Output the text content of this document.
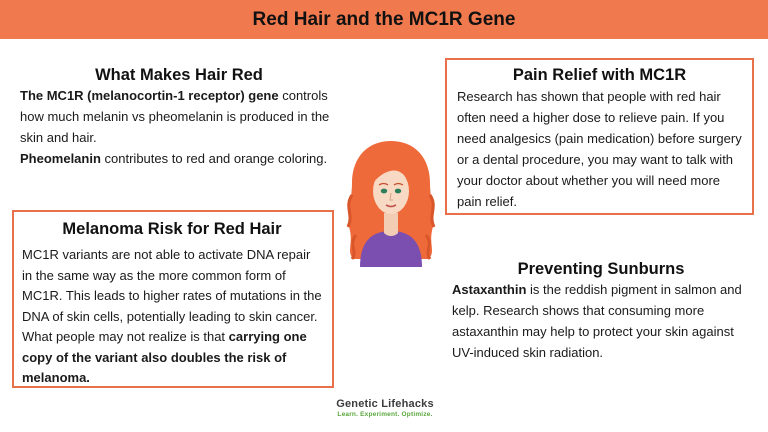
Red Hair and the MC1R Gene
What Makes Hair Red

The MC1R (melanocortin-1 receptor) gene controls how much melanin vs pheomelanin is produced in the skin and hair.

Pheomelanin contributes to red and orange coloring.

Melanoma Risk for Red Hair

MC1R variants are not able to activate DNA repair in the same way as the more common form of MC1R. This leads to higher rates of mutations in the DNA of skin cells, potentially leading to skin cancer. What people may not realize is that carrying one copy of the variant also doubles the risk of melanoma.

Pain Relief with MC1R

Research has shown that people with red hair often need a higher dose to relieve pain. If you need analgesics (pain medication) before surgery or a dental procedure, you may want to talk with your doctor about whether you will need more pain relief.

Preventing Sunburns

Astaxanthin is the reddish pigment in salmon and kelp. Research shows that consuming more astaxanthin may help to protect your skin against UV-induced skin radiation.

Genetic Lifehacks
Learn. Experiment. Optimize.
